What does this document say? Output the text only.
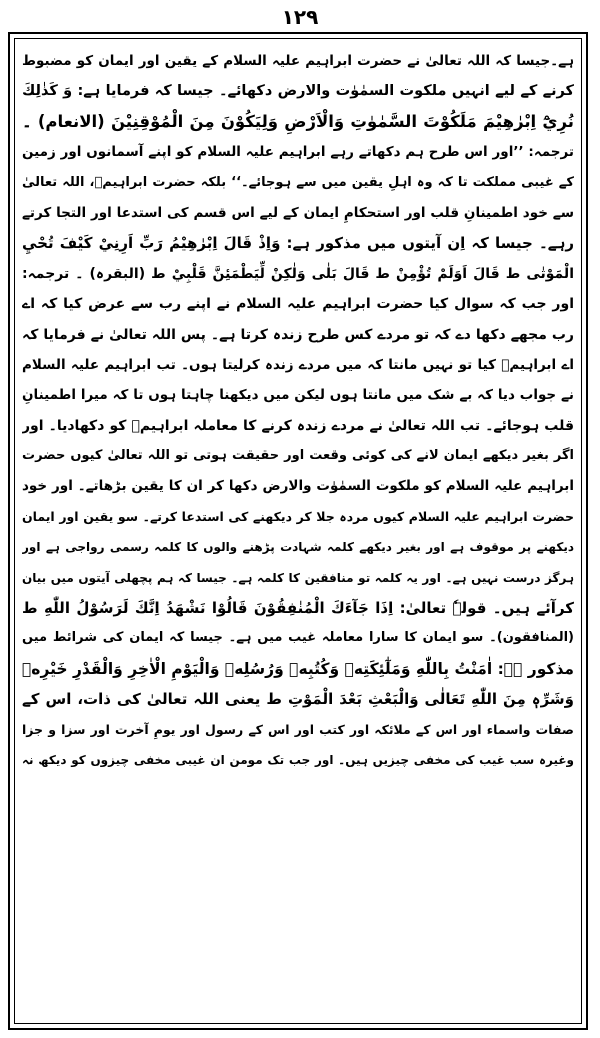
۱۲۹
ہے۔جیسا کہ اللہ تعالیٰ نے حضرت ابراہیم علیہ السلام کے یقین اور ایمان کو مضبوط
کرنے کے لیے انہیں ملکوت السمٰوٰت والارض دکھائے۔ جیسا کہ فرمایا ہے: وَ كَذٰلِكَ
نُرِيْٓ اِبْرٰهِيْمَ مَلَكُوْتَ السَّمٰوٰتِ وَالْاَرْضِ وَلِيَكُوْنَ مِنَ الْمُوْقِنِيْنَ (الانعام) ۔
ترجمہ: ’’اور اس طرح ہم دکھاتے رہے ابراہیم علیہ السلام کو اپنے آسمانوں اور زمین
کے غیبی مملکت تا کہ وہ اہلِ یقین میں سے ہوجائے۔‘‘ بلکہ حضرت ابراہیمؑ، اللہ تعالیٰ
سے خود اطمینانِ قلب اور استحکامِ ایمان کے لیے اس قسم کی استدعا اور التجا کرتے
رہے۔ جیسا کہ اِن آیتوں میں مذکور ہے: وَاِذْ قَالَ اِبْرٰهِيْمُ رَبِّ اَرِنِيْ كَيْفَ تُحْيِ
الْمَوْتٰى ط قَالَ اَوَلَمْ تُؤْمِنْ ط قَالَ بَلٰى وَلٰكِنْ لِّيَطْمَئِنَّ قَلْبِيْ ط (البقرہ) ۔ ترجمہ:
اور جب کہ سوال کیا حضرت ابراہیم علیہ السلام نے اپنے رب سے عرض کیا کہ اے
رب مجھے دکھا دے کہ تو مردے کس طرح زندہ کرتا ہے۔ پس اللہ تعالیٰ نے فرمایا کہ
اے ابراہیمؑ کیا تو نہیں مانتا کہ میں مردے زندہ کرلیتا ہوں۔ تب ابراہیم علیہ السلام
نے جواب دیا کہ بے شک میں مانتا ہوں لیکن میں دیکھنا چاہتا ہوں تا کہ میرا اطمینانِ
قلب ہوجائے۔ تب اللہ تعالیٰ نے مردے زندہ کرنے کا معاملہ ابراہیمؑ کو دکھادیا۔ اور
اگر بغیر دیکھے ایمان لانے کی کوئی وقعت اور حقیقت ہوتی تو اللہ تعالیٰ کیوں حضرت
ابراہیم علیہ السلام کو ملکوت السمٰوٰت والارض دکھا کر ان کا یقین بڑھاتے۔ اور خود
حضرت ابراہیم علیہ السلام کیوں مردہ جلا کر دیکھنے کی استدعا کرتے۔ سو یقین اور ایمان
دیکھنے پر موقوف ہے اور بغیر دیکھے کلمہ شہادت پڑھنے والوں کا کلمہ رسمی رواجی ہے اور
ہرگز درست نہیں ہے۔ اور یہ کلمہ تو منافقین کا کلمہ ہے۔ جیسا کہ ہم پچھلی آیتوں میں بیان
کرآئے ہیں۔ قولہٗ تعالیٰ: اِذَا جَآءَكَ الْمُنٰفِقُوْنَ قَالُوْا نَشْهَدُ اِنَّكَ لَرَسُوْلُ اللّٰهِ ط
(المنافقون)۔ سو ایمان کا سارا معاملہ غیب میں ہے۔ جیسا کہ ایمان کی شرائط میں
مذکور ہے: اٰمَنْتُ بِاللّٰهِ وَمَلٰٓئِكَتِهٖ وَكُتُبِهٖ وَرُسُلِهٖ وَالْيَوْمِ الْاٰخِرِ وَالْقَدْرِ خَيْرِهٖ
وَشَرِّهٖ مِنَ اللّٰهِ تَعَالٰى وَالْبَعْثِ بَعْدَ الْمَوْتِ ط یعنی اللہ تعالیٰ کی ذات، اس کے
صفات واسماء اور اس کے ملائکہ اور کتب اور اس کے رسول اور یومِ آخرت اور سزا و جزا
وغیرہ سب غیب کی مخفی چیزیں ہیں۔ اور جب تک مومن ان غیبی مخفی چیزوں کو دیکھ نہ
